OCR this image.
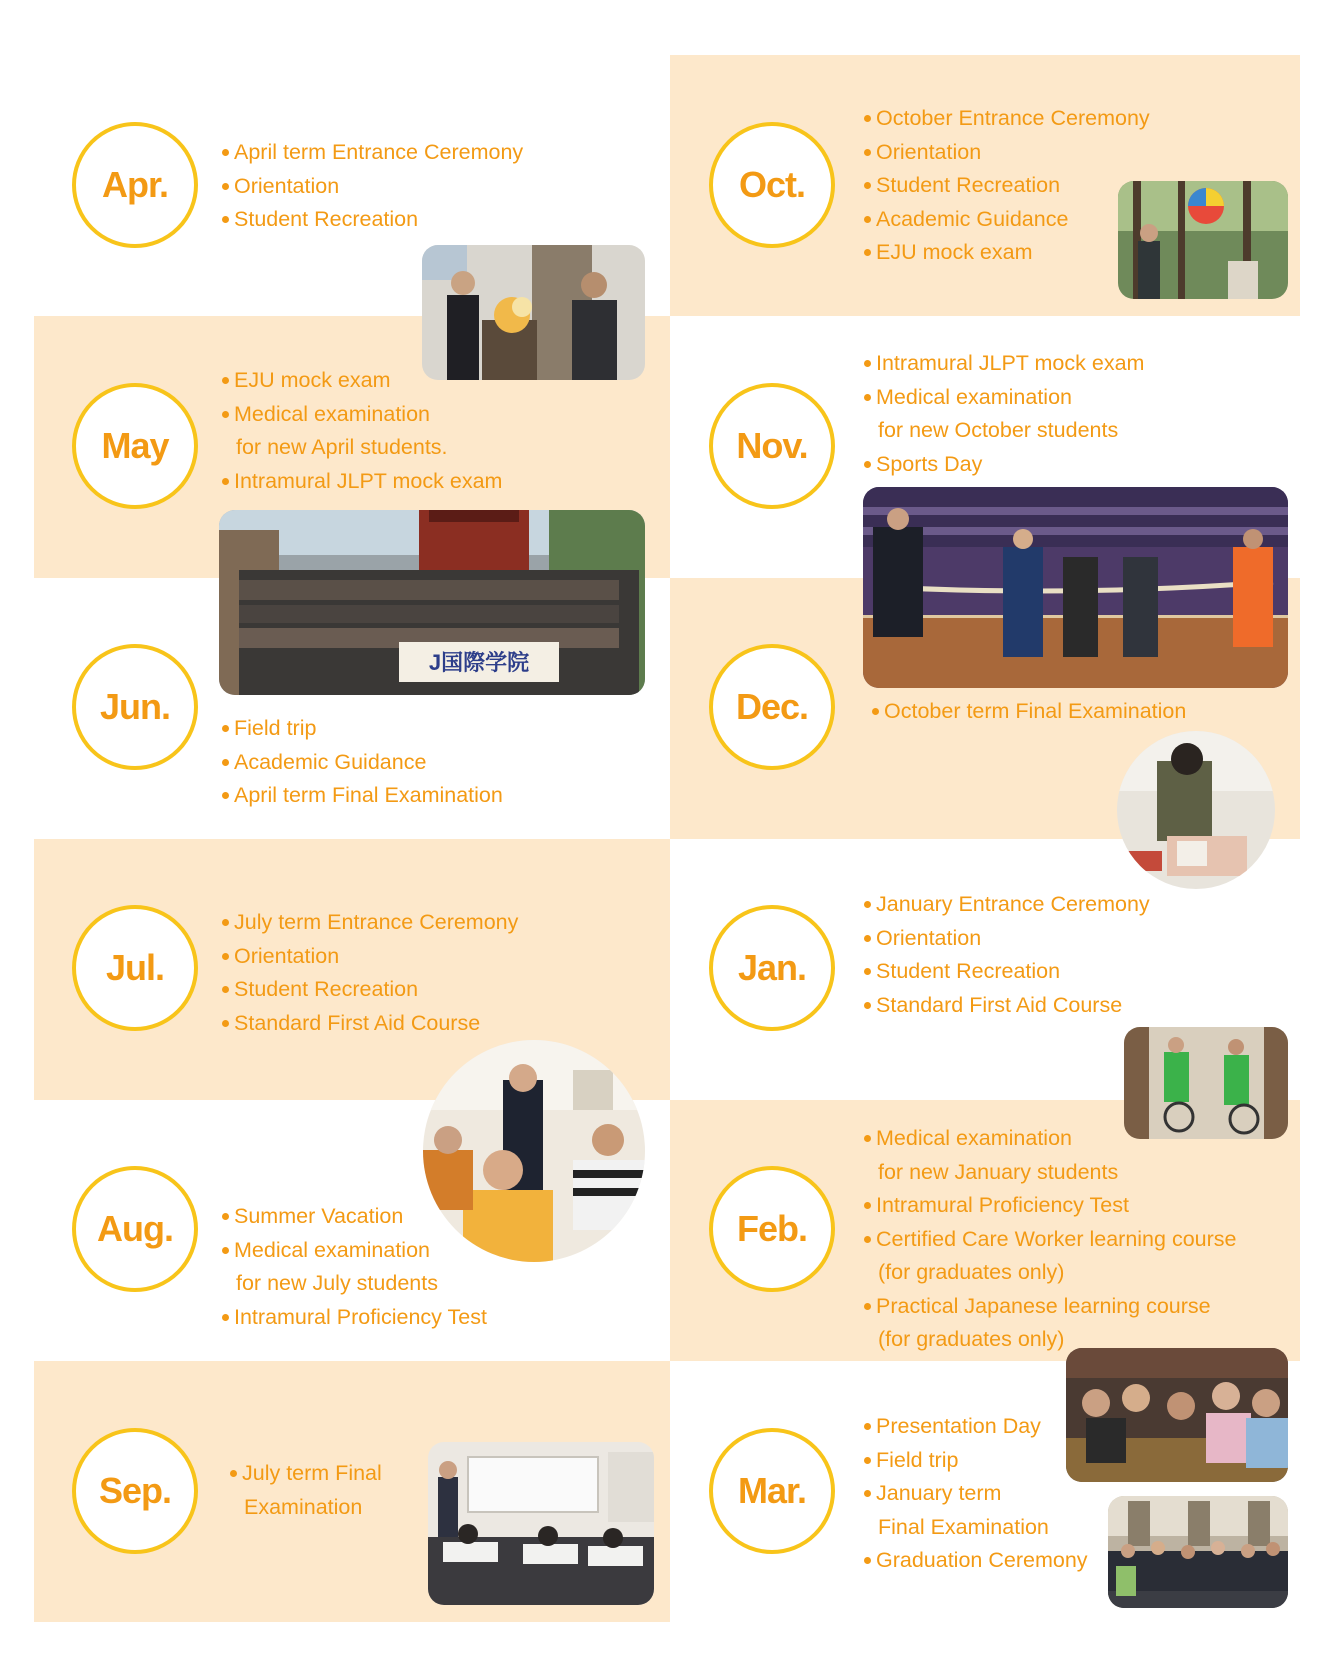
Apr.
April term Entrance Ceremony
Orientation
Student Recreation
May
EJU mock exam
Medical examination
for new April students.
Intramural JLPT mock exam
J国際学院
Jun.
Field trip
Academic Guidance
April term Final Examination
Jul.
July term Entrance Ceremony
Orientation
Student Recreation
Standard First Aid Course
Aug.	Summer Vacation
Medical examination
for new July students
Intramural Proficiency Test
Sep.	July term Final
Examination
Oct.
October Entrance Ceremony
Orientation
Student Recreation
Academic Guidance
EJU mock exam
Nov.
Intramural JLPT mock exam
Medical examination
for new October students
Sports Day
Dec.	October term Final Examination
Jan.
January Entrance Ceremony
Orientation
Student Recreation
Standard First Aid Course
Feb.
Medical examination
for new January students
Intramural Proficiency Test
Certified Care Worker learning course
(for graduates only)
Practical Japanese learning course
(for graduates only)
Mar.
Presentation Day
Field trip
January term
Final Examination
Graduation Ceremony
